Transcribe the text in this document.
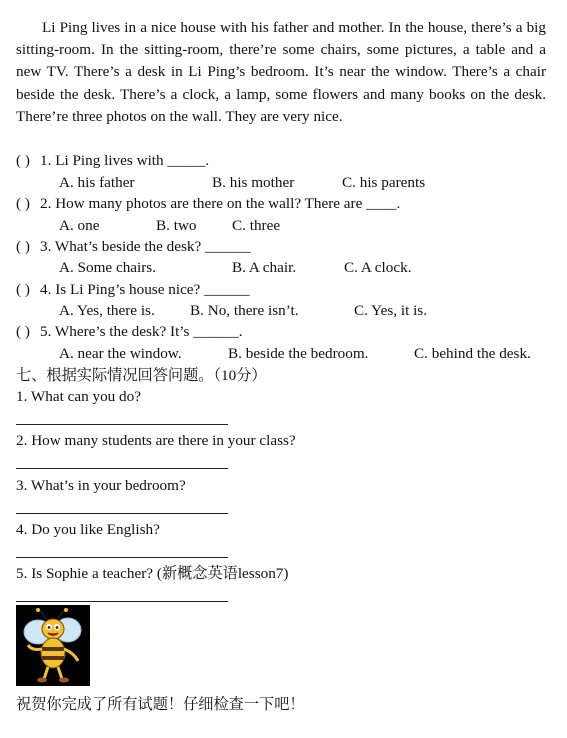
Li Ping lives in a nice house with his father and mother. In the house, there’s a big sitting-room. In the sitting-room, there’re some chairs, some pictures, a table and a new TV. There’s a desk in Li Ping’s bedroom. It’s near the window. There’s a chair beside the desk. There’s a clock, a lamp, some flowers and many books on the desk. There’re three photos on the wall. They are very nice.

( ) 1. Li Ping lives with _____.
A. his father	B. his mother	C. his parents
( ) 2. How many photos are there on the wall? There are ____.
A. one	B. two C. three
( ) 3. What’s beside the desk? ______
A. Some chairs.	B. A chair.	C. A clock.
( ) 4. Is Li Ping’s house nice? ______
A. Yes, there is. B. No, there isn’t.	C. Yes, it is.
( ) 5. Where’s the desk? It’s ______.
A. near the window.	B. beside the bedroom.	C. behind the desk.
七、根据实际情况回答问题。（10分）
1. What can you do?
2. How many students are there in your class?
3. What’s in your bedroom?
4. Do you like English?
5. Is Sophie a teacher? (新概念英语lesson7)
祝贺你完成了所有试题！仔细检查一下吧！
